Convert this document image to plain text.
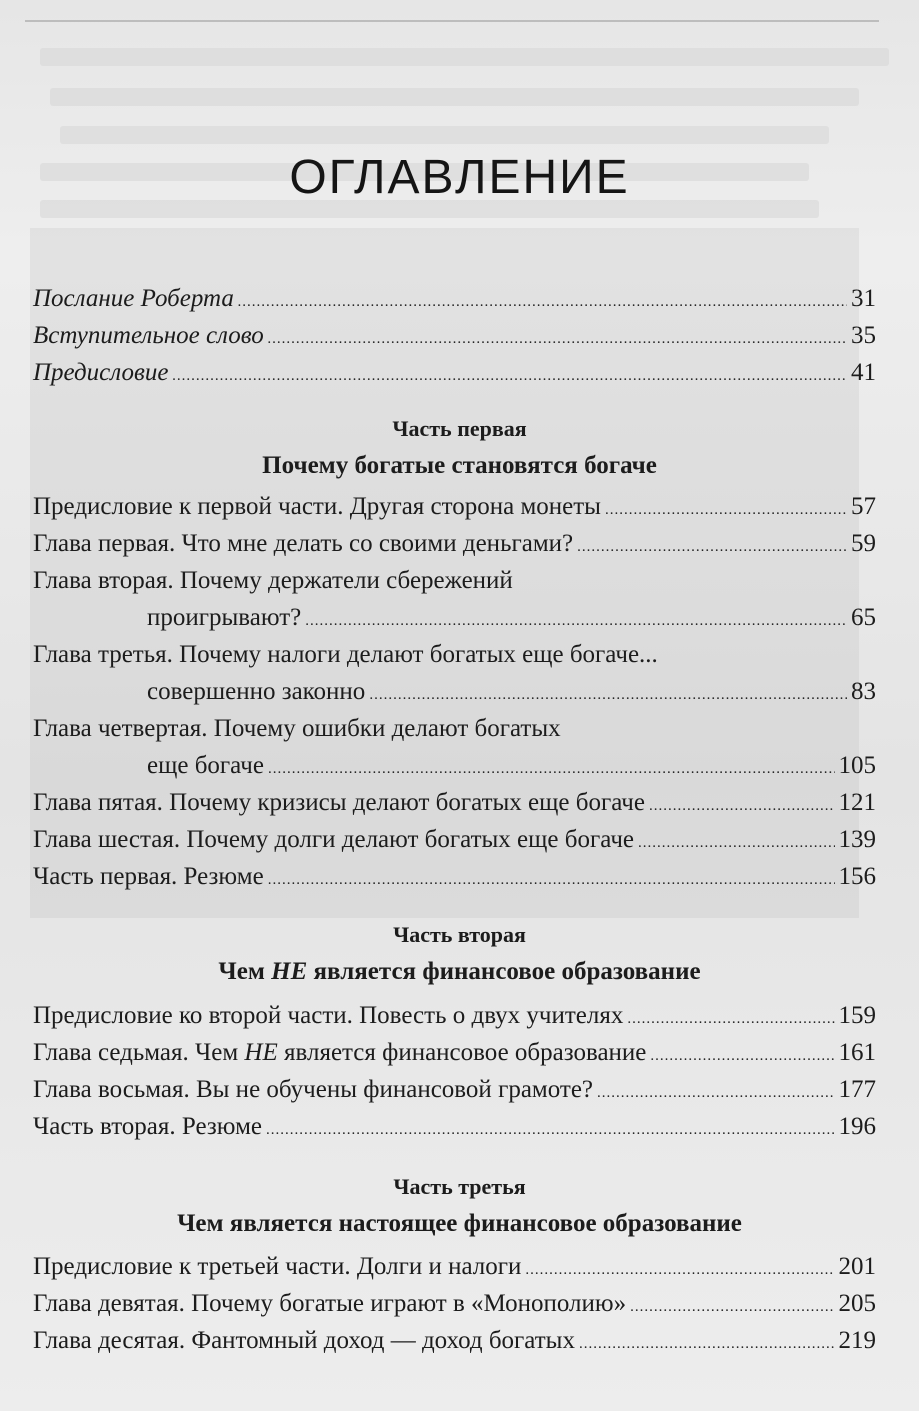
ОГЛАВЛЕНИЕ
Послание Роберта .....	31
Вступительное слово .....	35
Предисловие .....	41
Часть первая
Почему богатые становятся богаче
Предисловие к первой части. Другая сторона монеты .....	57
Глава первая. Что мне делать со своими деньгами? .....	59
Глава вторая. Почему держатели сбережений
проигрывают? .....	65
Глава третья. Почему налоги делают богатых еще богаче...
совершенно законно .....	83
Глава четвертая. Почему ошибки делают богатых
еще богаче .....	105
Глава пятая. Почему кризисы делают богатых еще богаче .....	121
Глава шестая. Почему долги делают богатых еще богаче .....	139
Часть первая. Резюме .....	156
Часть вторая
Чем НЕ является финансовое образование
Предисловие ко второй части. Повесть о двух учителях .....	159
Глава седьмая. Чем НЕ является финансовое образование .....	161
Глава восьмая. Вы не обучены финансовой грамоте? .....	177
Часть вторая. Резюме .....	196
Часть третья
Чем является настоящее финансовое образование
Предисловие к третьей части. Долги и налоги .....	201
Глава девятая. Почему богатые играют в «Монополию» .....	205
Глава десятая. Фантомный доход — доход богатых .....	219
